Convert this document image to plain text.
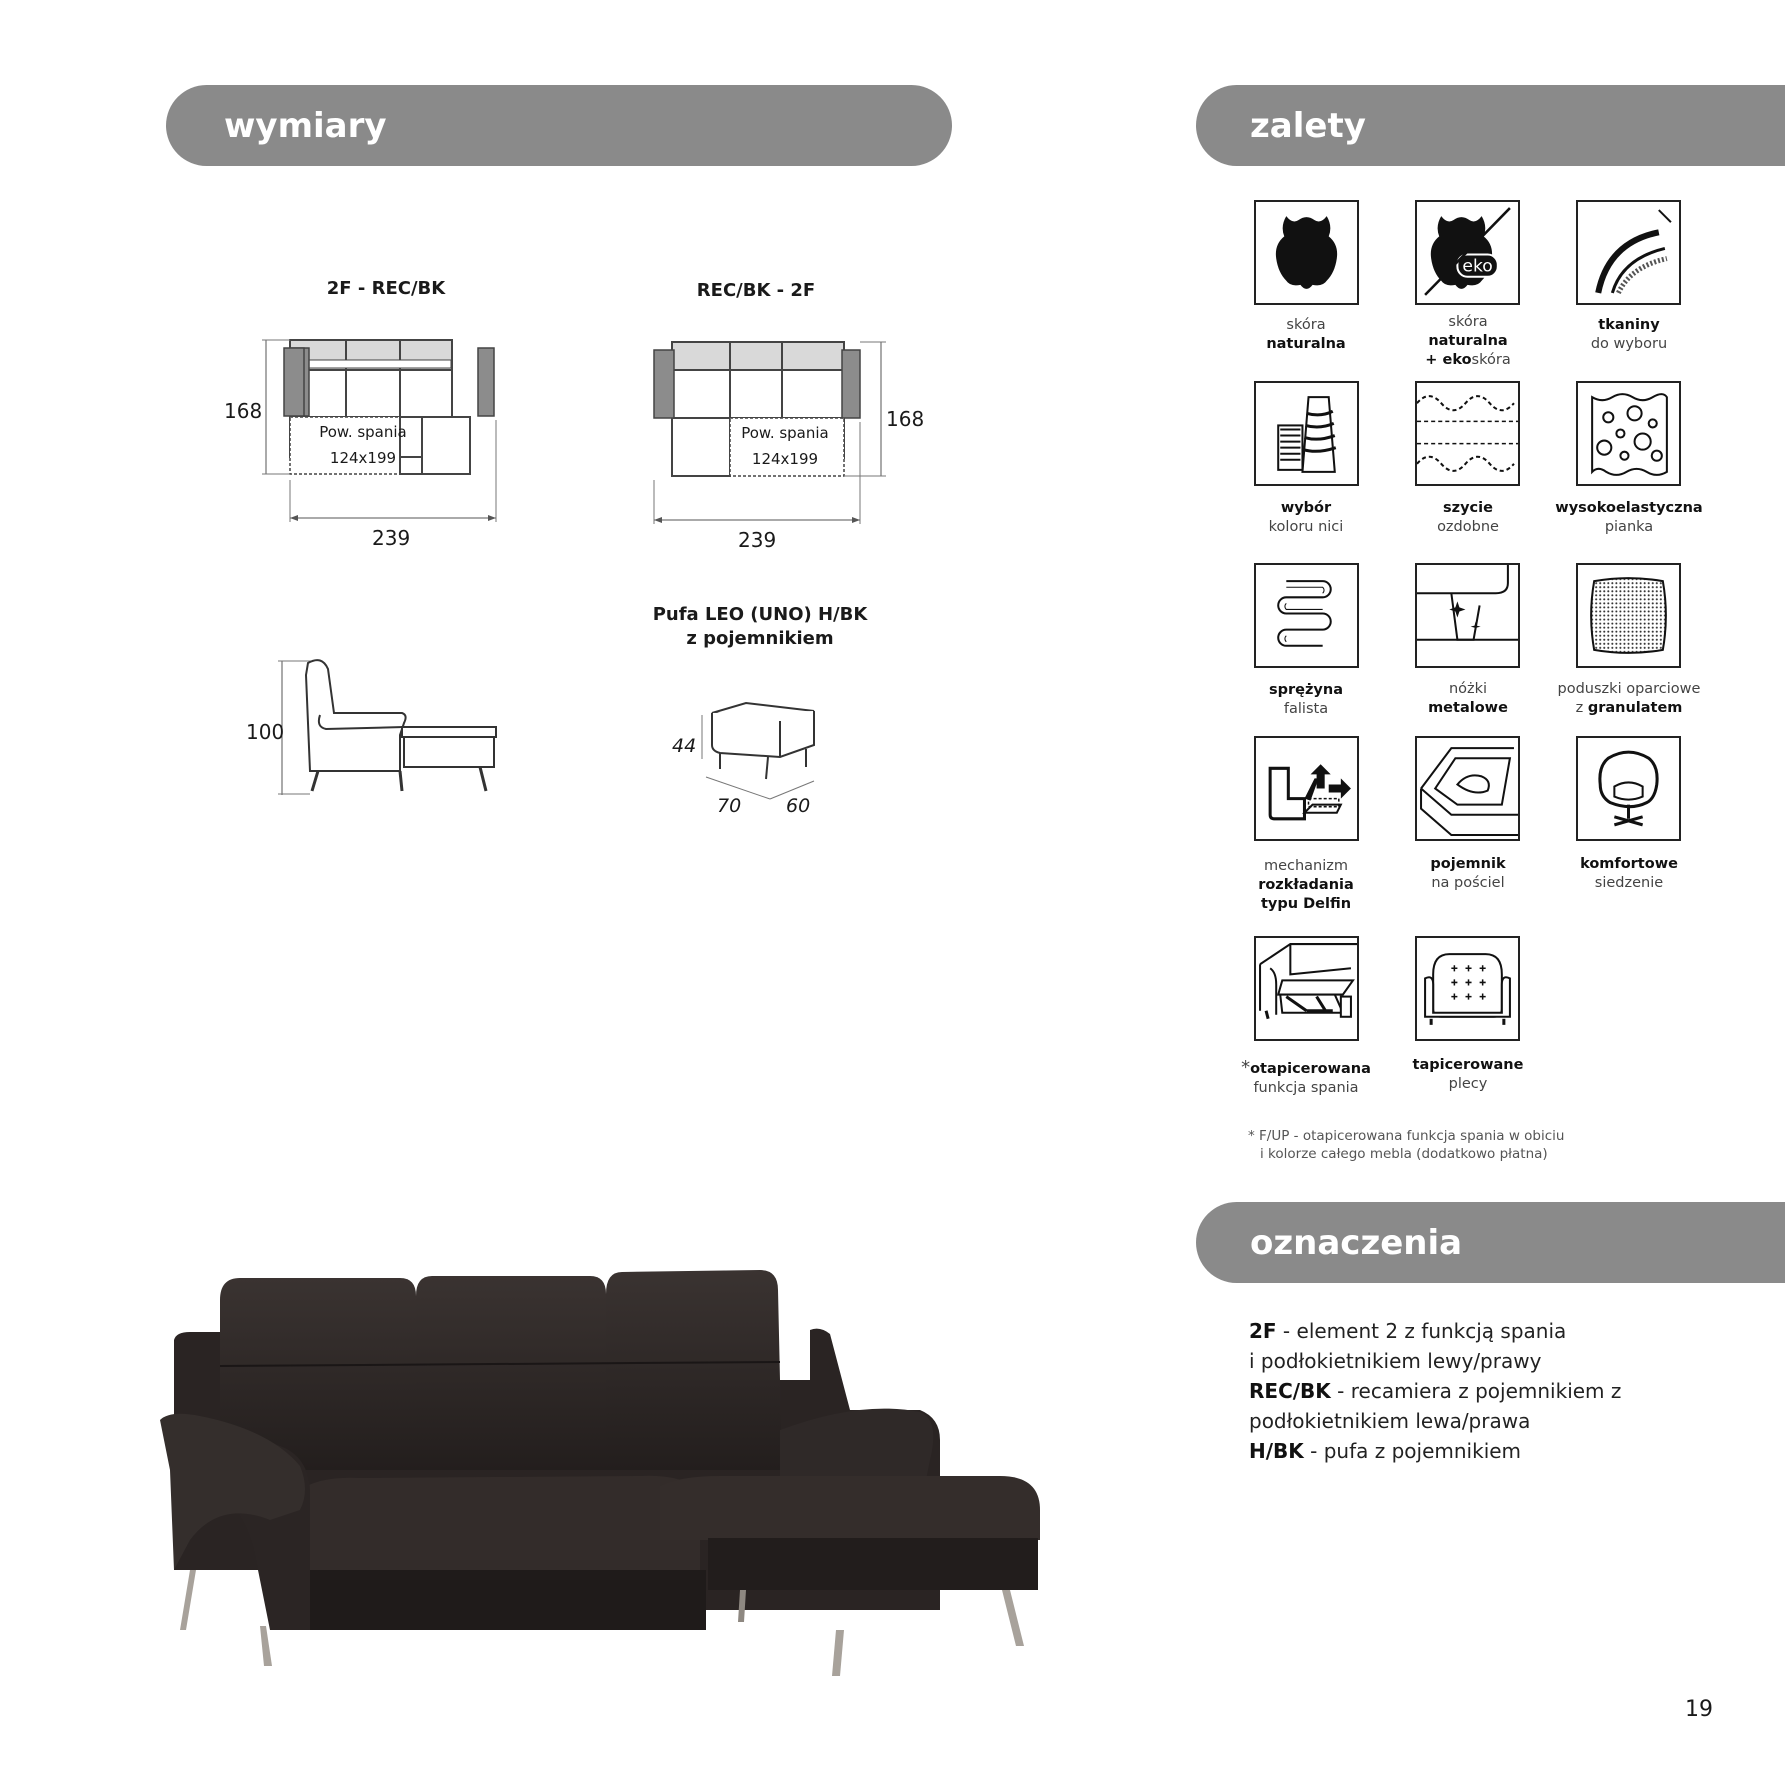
wymiary	zalety
oznaczenia
2F - REC/BK
168
239
Pow. spania
124x199
REC/BK - 2F
168
239
Pow. spania
124x199
100
Pufa LEO (UNO) H/BK
z pojemnikiem
44
70 60
eko
skóra
naturalna
skóra
naturalna
+ ekoskóra
tkaniny
do wyboru
wybór
koloru nici
szycie
ozdobne
wysokoelastyczna
pianka
sprężyna
falista
nóżki
metalowe
poduszki oparciowe
z granulatem
mechanizm
rozkładania
typu Delfin
pojemnik
na pościel
komfortowe
siedzenie
*otapicerowana
funkcja spania
tapicerowane
plecy
* F/UP - otapicerowana funkcja spania w obiciu
i kolorze całego mebla (dodatkowo płatna)
2F - element 2 z funkcją spania
i podłokietnikiem lewy/prawy
REC/BK - recamiera z pojemnikiem z
podłokietnikiem lewa/prawa
H/BK - pufa z pojemnikiem
19
